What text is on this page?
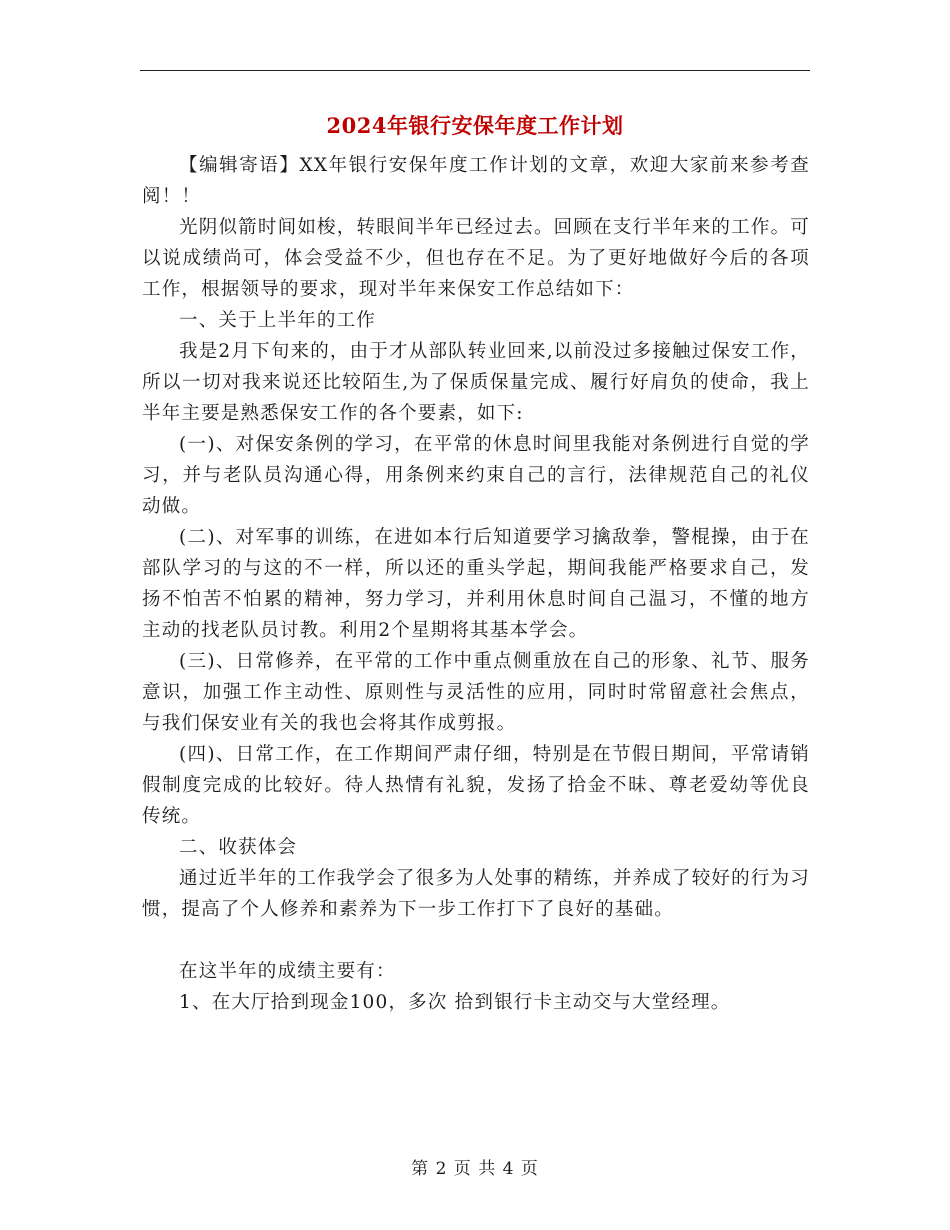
2024年银行安保年度工作计划

【编辑寄语】XX年银行安保年度工作计划的文章，欢迎大家前来参考查阅！！

光阴似箭时间如梭，转眼间半年已经过去。回顾在支行半年来的工作。可以说成绩尚可，体会受益不少，但也存在不足。为了更好地做好今后的各项工作，根据领导的要求，现对半年来保安工作总结如下：

一、关于上半年的工作

我是2月下旬来的，由于才从部队转业回来,以前没过多接触过保安工作，所以一切对我来说还比较陌生,为了保质保量完成、履行好肩负的使命，我上半年主要是熟悉保安工作的各个要素，如下:

(一)、对保安条例的学习，在平常的休息时间里我能对条例进行自觉的学习，并与老队员沟通心得，用条例来约束自己的言行，法律规范自己的礼仪动做。

(二)、对军事的训练，在进如本行后知道要学习擒敌拳，警棍操，由于在部队学习的与这的不一样，所以还的重头学起，期间我能严格要求自己，发扬不怕苦不怕累的精神，努力学习，并利用休息时间自己温习，不懂的地方主动的找老队员讨教。利用2个星期将其基本学会。

(三)、日常修养，在平常的工作中重点侧重放在自己的形象、礼节、服务意识，加强工作主动性、原则性与灵活性的应用，同时时常留意社会焦点，与我们保安业有关的我也会将其作成剪报。

(四)、日常工作，在工作期间严肃仔细，特别是在节假日期间，平常请销假制度完成的比较好。待人热情有礼貌，发扬了拾金不昧、尊老爱幼等优良传统。

二、收获体会

通过近半年的工作我学会了很多为人处事的精练，并养成了较好的行为习惯，提高了个人修养和素养为下一步工作打下了良好的基础。

在这半年的成绩主要有：

1、在大厅拾到现金100，多次 拾到银行卡主动交与大堂经理。

第 2 页 共 4 页
